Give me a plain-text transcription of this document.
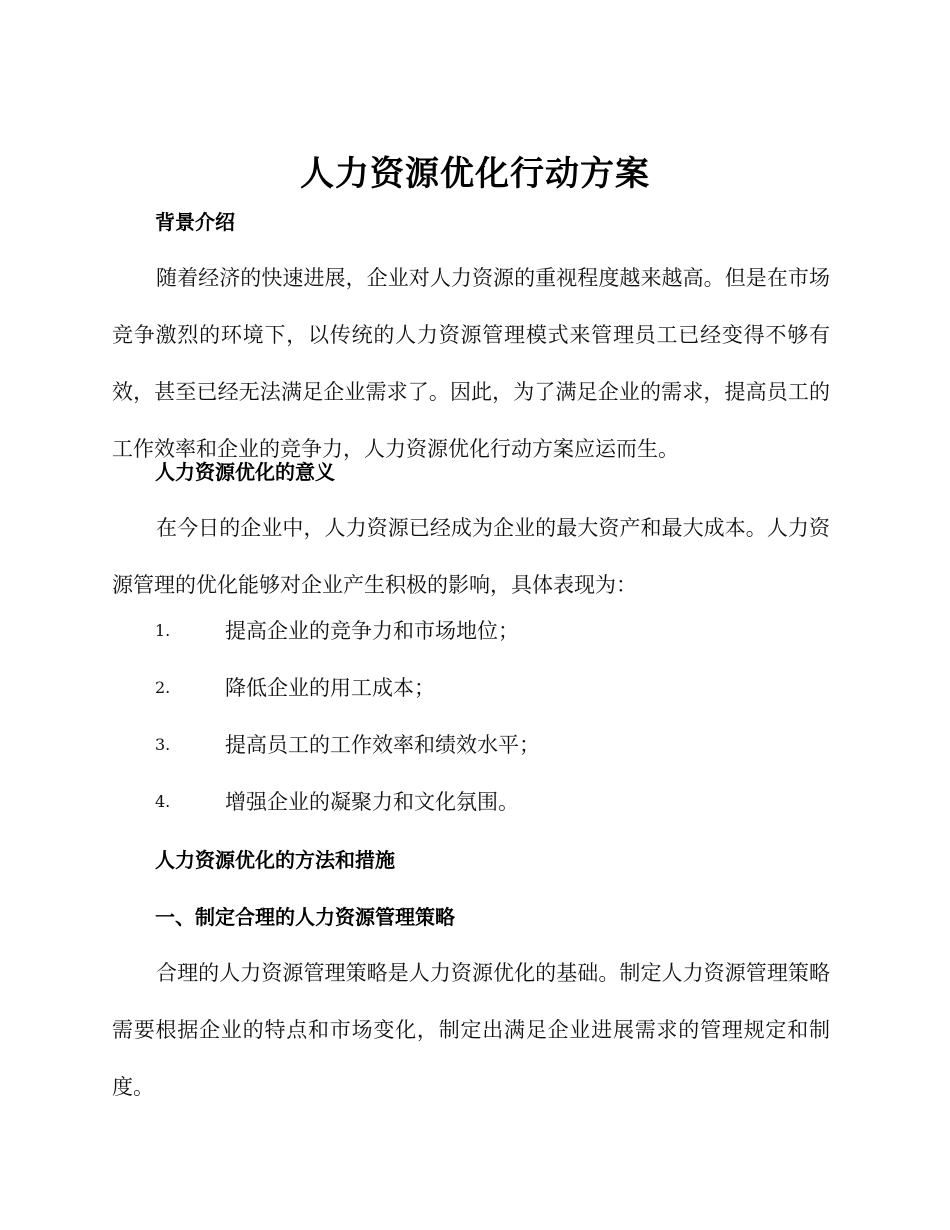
人力资源优化行动方案
背景介绍

随着经济的快速进展，企业对人力资源的重视程度越来越高。但是在市场竞争激烈的环境下，以传统的人力资源管理模式来管理员工已经变得不够有效，甚至已经无法满足企业需求了。因此，为了满足企业的需求，提高员工的工作效率和企业的竞争力，人力资源优化行动方案应运而生。

人力资源优化的意义

在今日的企业中，人力资源已经成为企业的最大资产和最大成本。人力资源管理的优化能够对企业产生积极的影响，具体表现为：

1.	提高企业的竞争力和市场地位；
2.	降低企业的用工成本；
3.	提高员工的工作效率和绩效水平；
4.	增强企业的凝聚力和文化氛围。
人力资源优化的方法和措施
一、制定合理的人力资源管理策略

合理的人力资源管理策略是人力资源优化的基础。制定人力资源管理策略需要根据企业的特点和市场变化，制定出满足企业进展需求的管理规定和制度。
